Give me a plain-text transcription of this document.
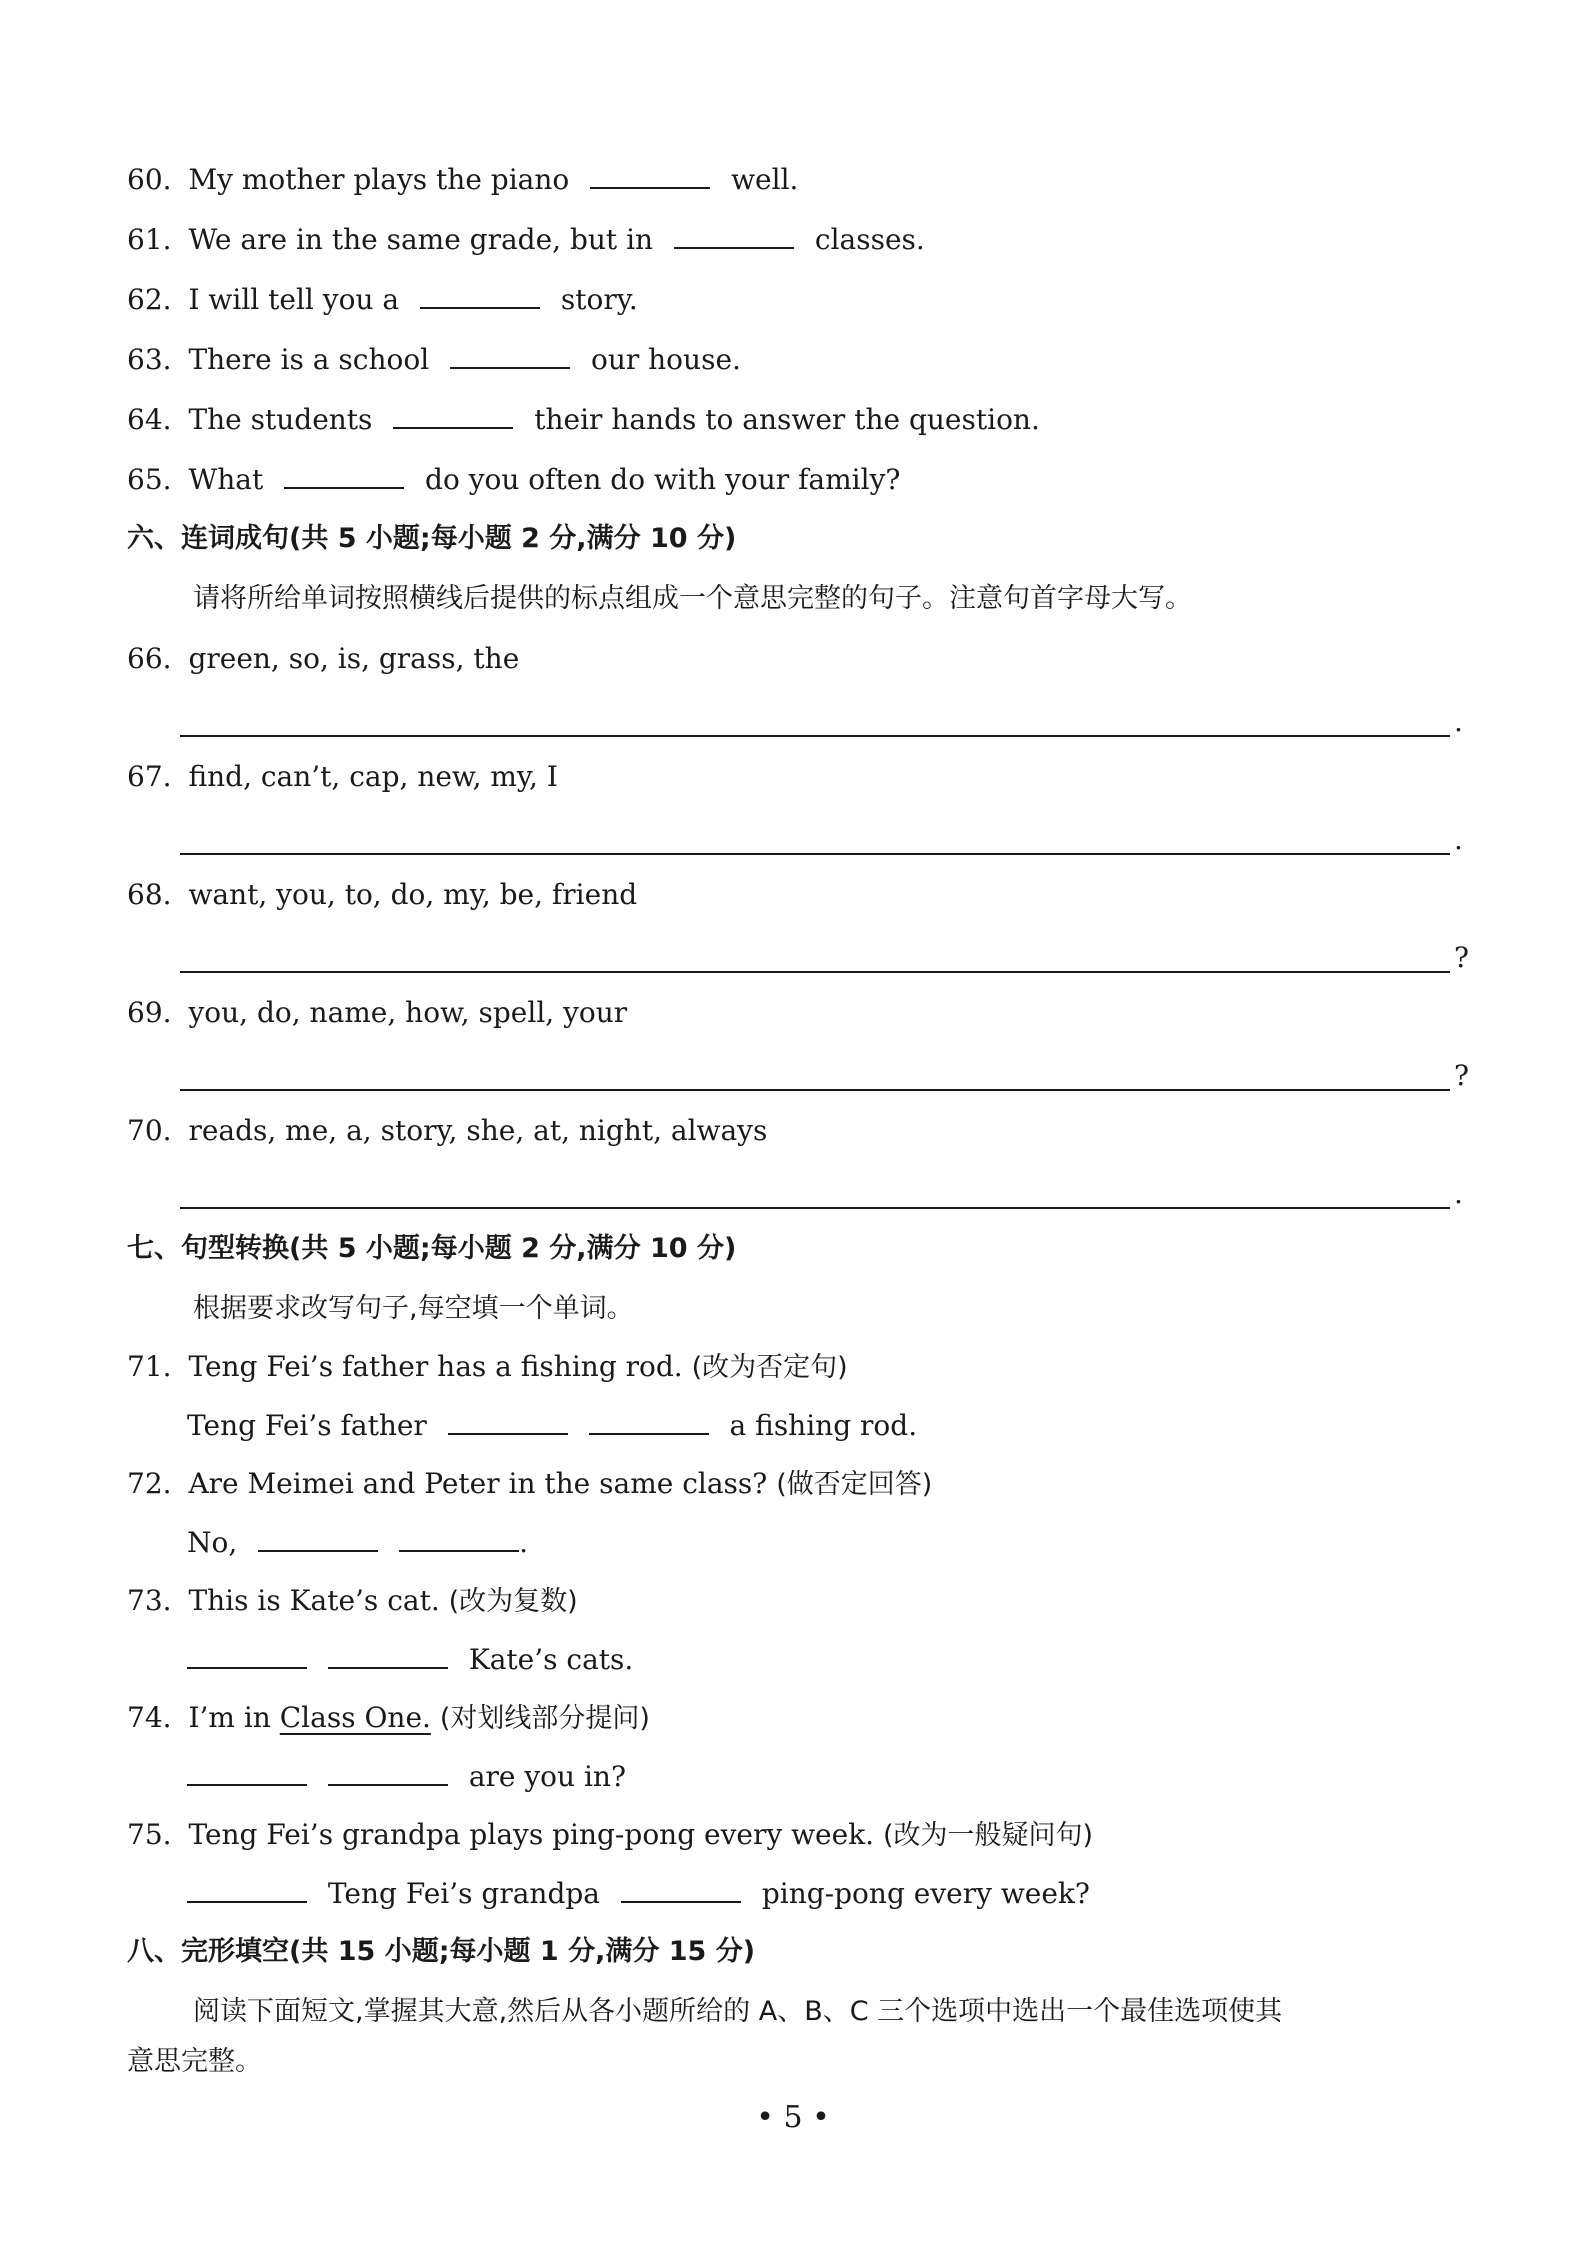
60. My mother plays the piano	well.
61. We are in the same grade, but in	classes.
62. I will tell you a	story.
63. There is a school	our house.
64. The students	their hands to answer the question.
65. What	do you often do with your family?
六、连词成句(共 5 小题;每小题 2 分,满分 10 分)
请将所给单词按照横线后提供的标点组成一个意思完整的句子。注意句首字母大写。
66. green, so, is, grass, the
.
67. find, can’t, cap, new, my, I
.
68. want, you, to, do, my, be, friend
?
69. you, do, name, how, spell, your
?
70. reads, me, a, story, she, at, night, always
.
七、句型转换(共 5 小题;每小题 2 分,满分 10 分)
根据要求改写句子,每空填一个单词。
71. Teng Fei’s father has a fishing rod. (改为否定句)
Teng Fei’s father	a fishing rod.
72. Are Meimei and Peter in the same class? (做否定回答)
No,	.
73. This is Kate’s cat. (改为复数)
Kate’s cats.
74. I’m in Class One. (对划线部分提问)
are you in?
75. Teng Fei’s grandpa plays ping-pong every week. (改为一般疑问句)
Teng Fei’s grandpa	ping-pong every week?
八、完形填空(共 15 小题;每小题 1 分,满分 15 分)
阅读下面短文,掌握其大意,然后从各小题所给的 A、B、C 三个选项中选出一个最佳选项使其
意思完整。
• 5 •
